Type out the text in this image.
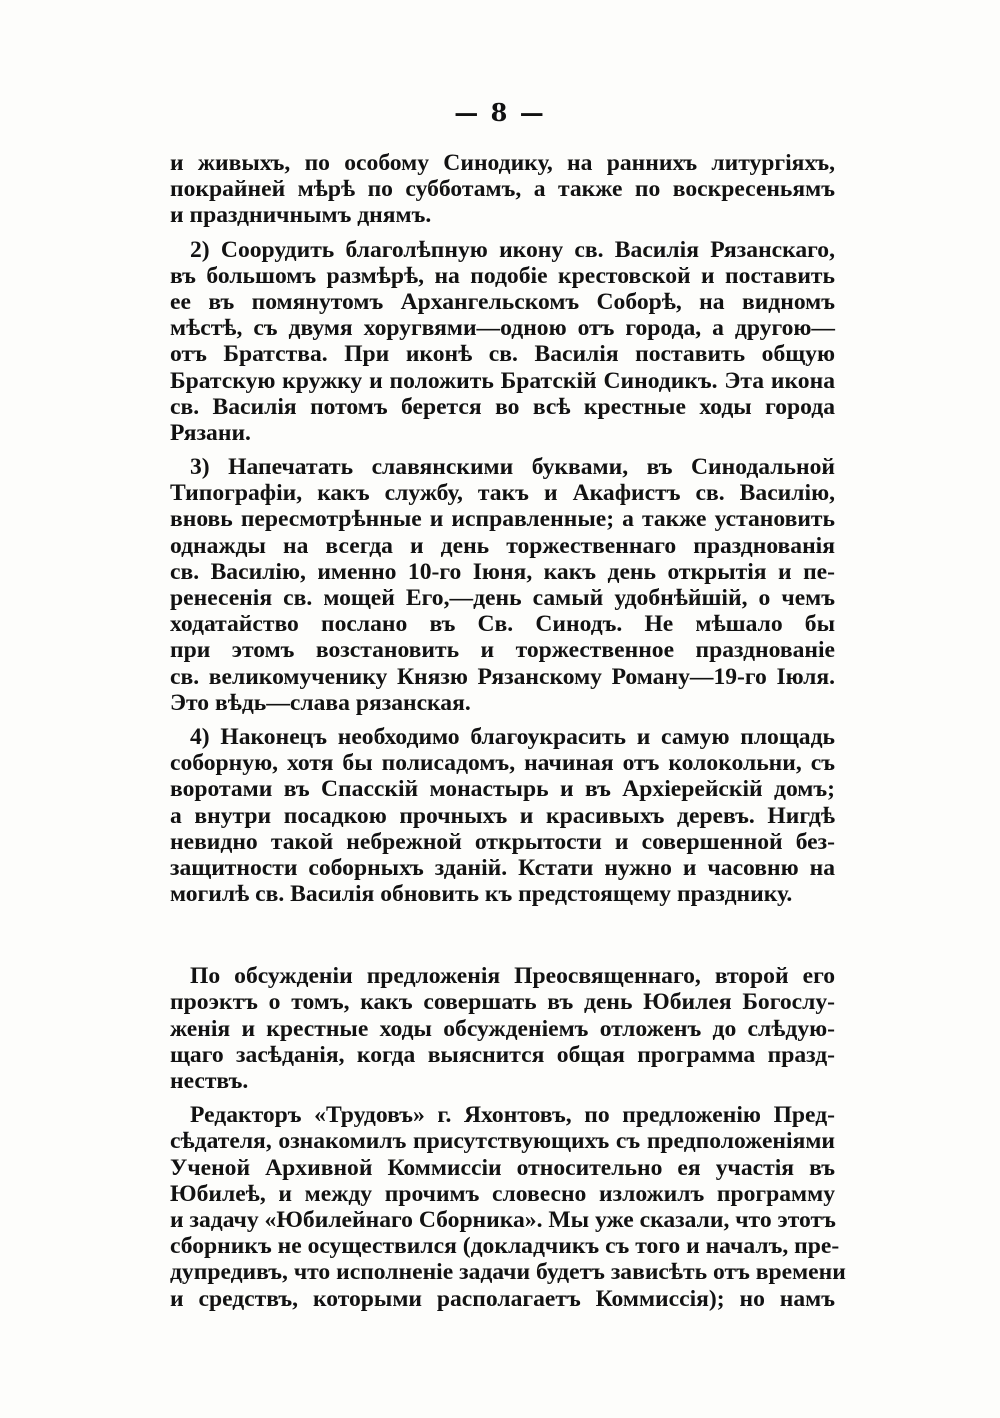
— 8 —
и живыхъ, по особому Синодику, на раннихъ литургіяхъ,
покрайней мѣрѣ по субботамъ, а также по воскресеньямъ
и праздничнымъ днямъ.
2) Соорудить благолѣпную икону св. Василія Рязанскаго,
въ большомъ размѣрѣ, на подобіе крестовской и поставить
ее въ помянутомъ Архангельскомъ Соборѣ, на видномъ
мѣстѣ, съ двумя хоругвями—одною отъ города, а другою—
отъ Братства. При иконѣ св. Василія поставить общую
Братскую кружку и положить Братскій Синодикъ. Эта икона
св. Василія потомъ берется во всѣ крестные ходы города
Рязани.
3) Напечатать славянскими буквами, въ Синодальной
Типографіи, какъ службу, такъ и Акафистъ св. Василію,
вновь пересмотрѣнные и исправленные; а также установить
однажды на всегда и день торжественнаго празднованія
св. Василію, именно 10-го Іюня, какъ день открытія и пе-
ренесенія св. мощей Его,—день самый удобнѣйшій, о чемъ
ходатайство послано въ Св. Синодъ. Не мѣшало бы
при этомъ возстановить и торжественное празднованіе
св. великомученику Князю Рязанскому Роману—19-го Іюля.
Это вѣдь—слава рязанская.
4) Наконецъ необходимо благоукрасить и самую площадь
соборную, хотя бы полисадомъ, начиная отъ колокольни, съ
воротами въ Спасскій монастырь и въ Архіерейскій домъ;
а внутри посадкою прочныхъ и красивыхъ деревъ. Нигдѣ
невидно такой небрежной открытости и совершенной без-
защитности соборныхъ зданій. Кстати нужно и часовню на
могилѣ св. Василія обновить къ предстоящему празднику.
По обсужденіи предложенія Преосвященнаго, второй его
проэктъ о томъ, какъ совершать въ день Юбилея Богослу-
женія и крестные ходы обсужденіемъ отложенъ до слѣдую-
щаго засѣданія, когда выяснится общая программа празд-
нествъ.
Редакторъ «Трудовъ» г. Яхонтовъ, по предложенію Пред-
сѣдателя, ознакомилъ присутствующихъ съ предположеніями
Ученой Архивной Коммиссіи относительно ея участія въ
Юбилеѣ, и между прочимъ словесно изложилъ программу
и задачу «Юбилейнаго Сборника». Мы уже сказали, что этотъ
сборникъ не осуществился (докладчикъ съ того и началъ, пре-
дупредивъ, что исполненіе задачи будетъ зависѣть отъ времени
и средствъ, которыми располагаетъ Коммиссія); но намъ
